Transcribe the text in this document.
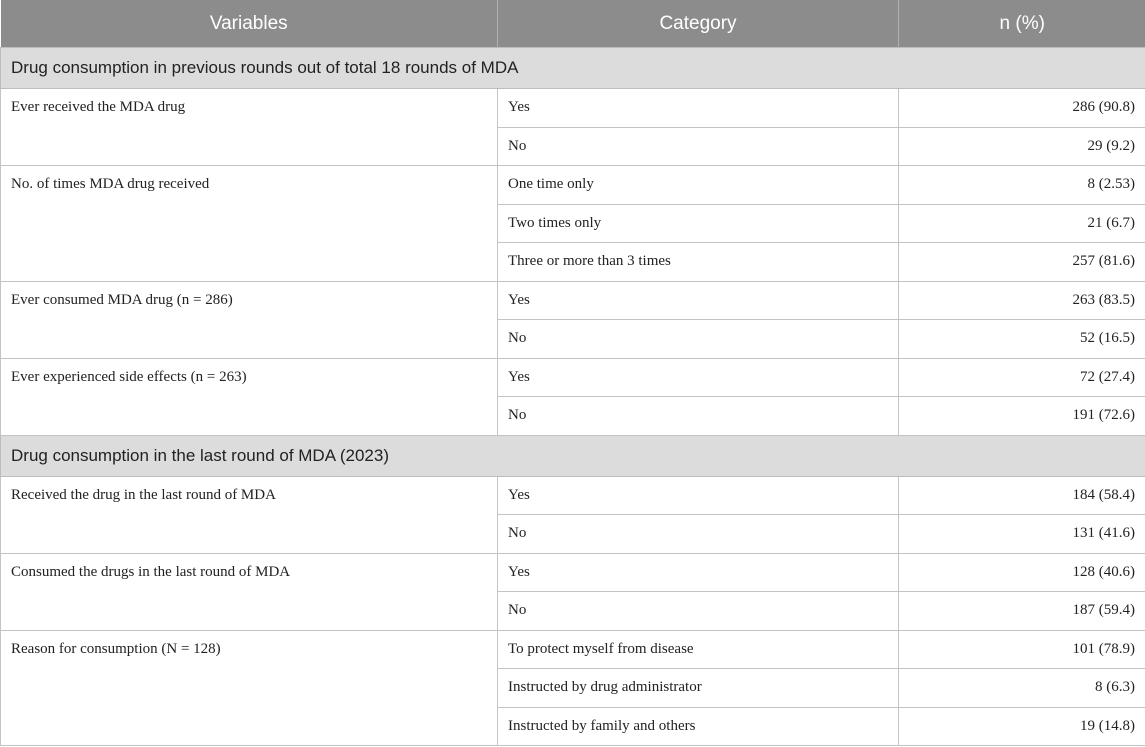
Variables	Category	n (%)
Drug consumption in previous rounds out of total 18 rounds of MDA		
Ever received the MDA drug	Yes	286 (90.8)
	No	29 (9.2)
No. of times MDA drug received	One time only	8 (2.53)
	Two times only	21 (6.7)
	Three or more than 3 times	257 (81.6)
Ever consumed MDA drug (n = 286)	Yes	263 (83.5)
	No	52 (16.5)
Ever experienced side effects (n = 263)	Yes	72 (27.4)
	No	191 (72.6)
Drug consumption in the last round of MDA (2023)		
Received the drug in the last round of MDA	Yes	184 (58.4)
	No	131 (41.6)
Consumed the drugs in the last round of MDA	Yes	128 (40.6)
	No	187 (59.4)
Reason for consumption (N = 128)	To protect myself from disease	101 (78.9)
	Instructed by drug administrator	8 (6.3)
	Instructed by family and others	19 (14.8)
